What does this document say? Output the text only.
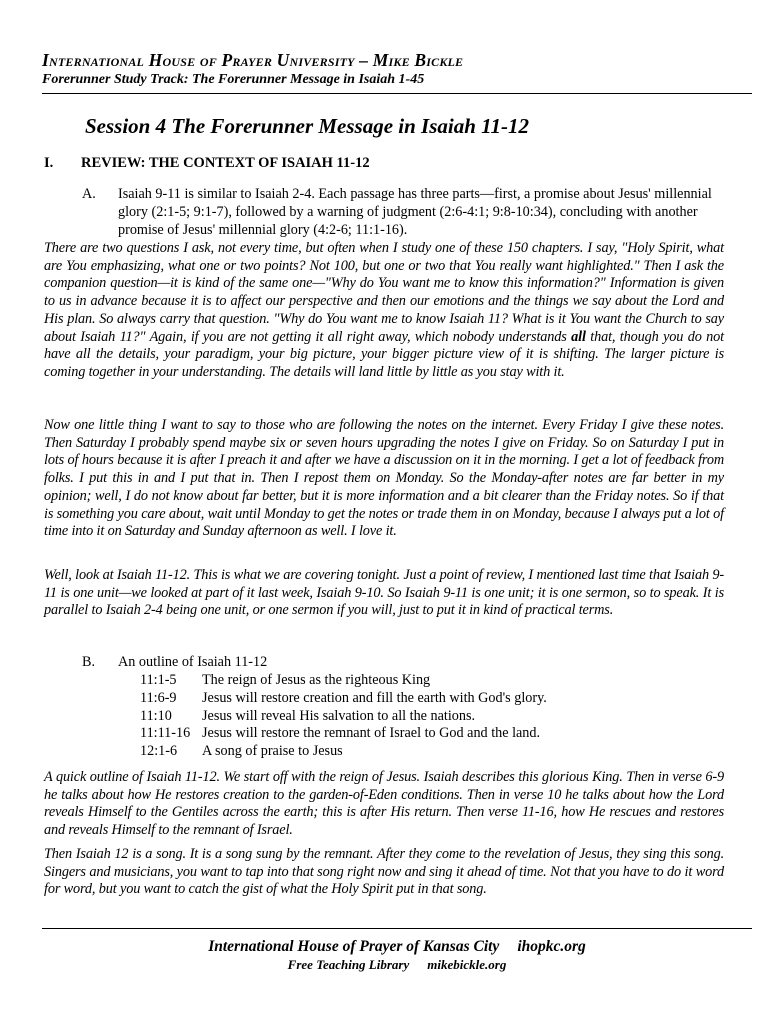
International House of Prayer University – Mike Bickle
Forerunner Study Track: The Forerunner Message in Isaiah 1-45
Session 4 The Forerunner Message in Isaiah 11-12
I. REVIEW: THE CONTEXT OF ISAIAH 11-12
A. Isaiah 9-11 is similar to Isaiah 2-4. Each passage has three parts—first, a promise about Jesus' millennial glory (2:1-5; 9:1-7), followed by a warning of judgment (2:6-4:1; 9:8-10:34), concluding with another promise of Jesus' millennial glory (4:2-6; 11:1-16).
There are two questions I ask, not every time, but often when I study one of these 150 chapters. I say, "Holy Spirit, what are You emphasizing, what one or two points? Not 100, but one or two that You really want highlighted." Then I ask the companion question—it is kind of the same one—"Why do You want me to know this information?" Information is given to us in advance because it is to affect our perspective and then our emotions and the things we say about the Lord and His plan. So always carry that question. "Why do You want me to know Isaiah 11? What is it You want the Church to say about Isaiah 11?" Again, if you are not getting it all right away, which nobody understands all that, though you do not have all the details, your paradigm, your big picture, your bigger picture view of it is shifting. The larger picture is coming together in your understanding. The details will land little by little as you stay with it.
Now one little thing I want to say to those who are following the notes on the internet. Every Friday I give these notes. Then Saturday I probably spend maybe six or seven hours upgrading the notes I give on Friday. So on Saturday I put in lots of hours because it is after I preach it and after we have a discussion on it in the morning. I get a lot of feedback from folks. I put this in and I put that in. Then I repost them on Monday. So the Monday-after notes are far better in my opinion; well, I do not know about far better, but it is more information and a bit clearer than the Friday notes. So if that is something you care about, wait until Monday to get the notes or trade them in on Monday, because I always put a lot of time into it on Saturday and Sunday afternoon as well. I love it.
Well, look at Isaiah 11-12. This is what we are covering tonight. Just a point of review, I mentioned last time that Isaiah 9-11 is one unit—we looked at part of it last week, Isaiah 9-10. So Isaiah 9-11 is one unit; it is one sermon, so to speak. It is parallel to Isaiah 2-4 being one unit, or one sermon if you will, just to put it in kind of practical terms.
B. An outline of Isaiah 11-12
11:1-5 The reign of Jesus as the righteous King
11:6-9 Jesus will restore creation and fill the earth with God's glory.
11:10 Jesus will reveal His salvation to all the nations.
11:11-16 Jesus will restore the remnant of Israel to God and the land.
12:1-6 A song of praise to Jesus
A quick outline of Isaiah 11-12. We start off with the reign of Jesus. Isaiah describes this glorious King. Then in verse 6-9 he talks about how He restores creation to the garden-of-Eden conditions. Then in verse 10 he talks about how the Lord reveals Himself to the Gentiles across the earth; this is after His return. Then verse 11-16, how He rescues and restores and reveals Himself to the remnant of Israel.
Then Isaiah 12 is a song. It is a song sung by the remnant. After they come to the revelation of Jesus, they sing this song. Singers and musicians, you want to tap into that song right now and sing it ahead of time. Not that you have to do it word for word, but you want to catch the gist of what the Holy Spirit put in that song.
International House of Prayer of Kansas City ihopkc.org
Free Teaching Library mikebickle.org
